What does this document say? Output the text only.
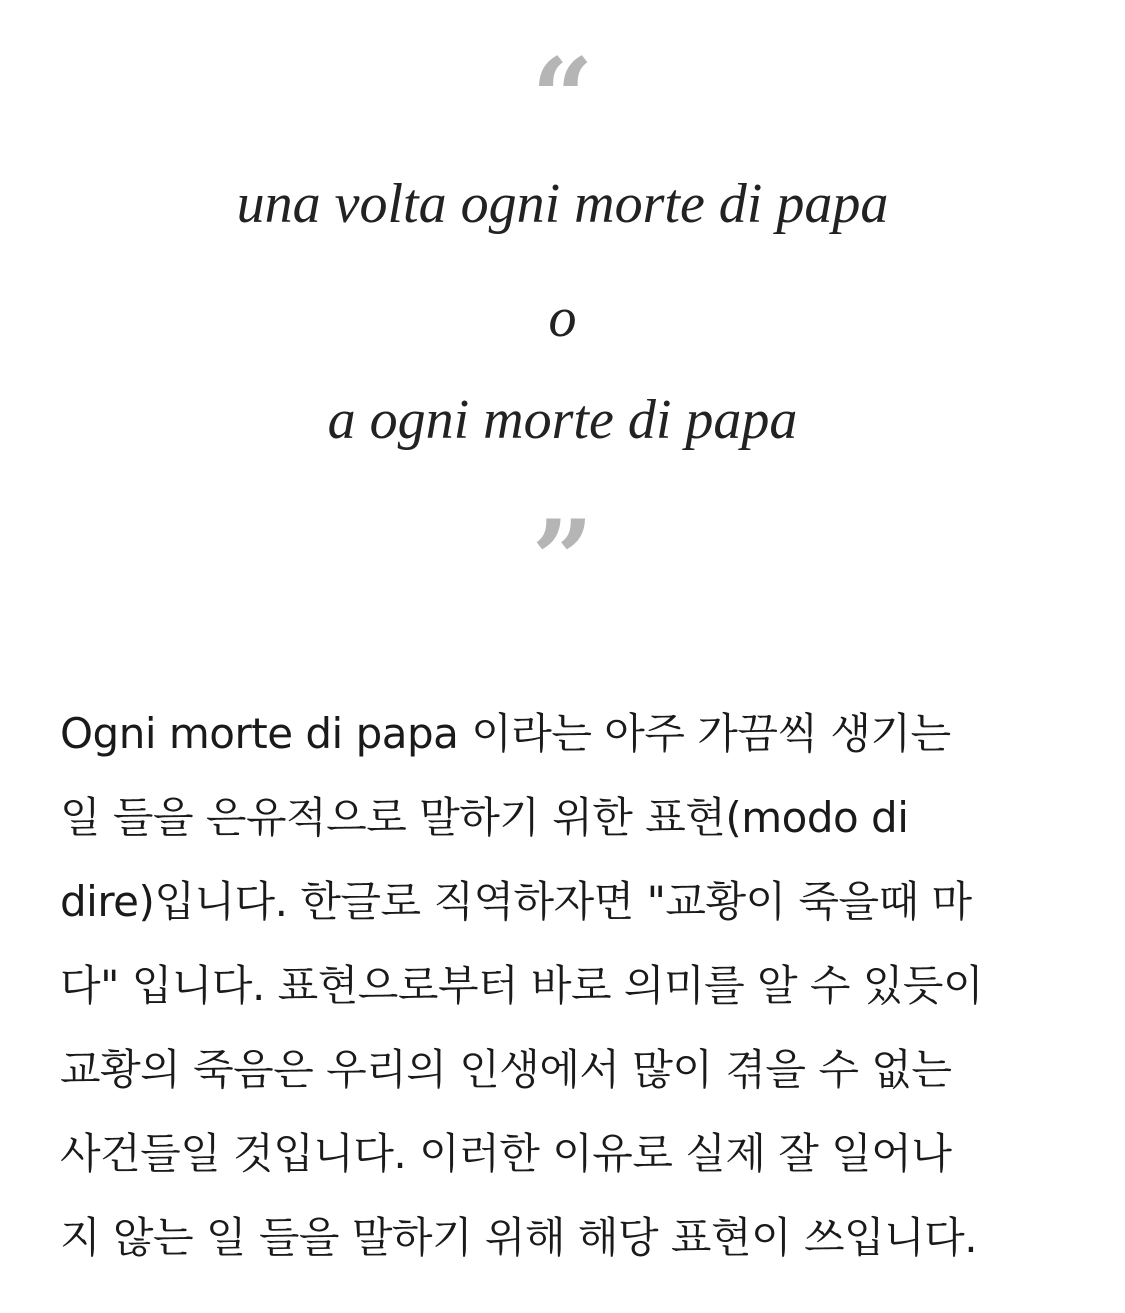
“
una volta ogni morte di papa
o
a ogni morte di papa
”

Ogni morte di papa 이라는 아주 가끔씩 생기는
일 들을 은유적으로 말하기 위한 표현(modo di
dire)입니다. 한글로 직역하자면 "교황이 죽을때 마
다" 입니다. 표현으로부터 바로 의미를 알 수 있듯이
교황의 죽음은 우리의 인생에서 많이 겪을 수 없는
사건들일 것입니다. 이러한 이유로 실제 잘 일어나
지 않는 일 들을 말하기 위해 해당 표현이 쓰입니다.
